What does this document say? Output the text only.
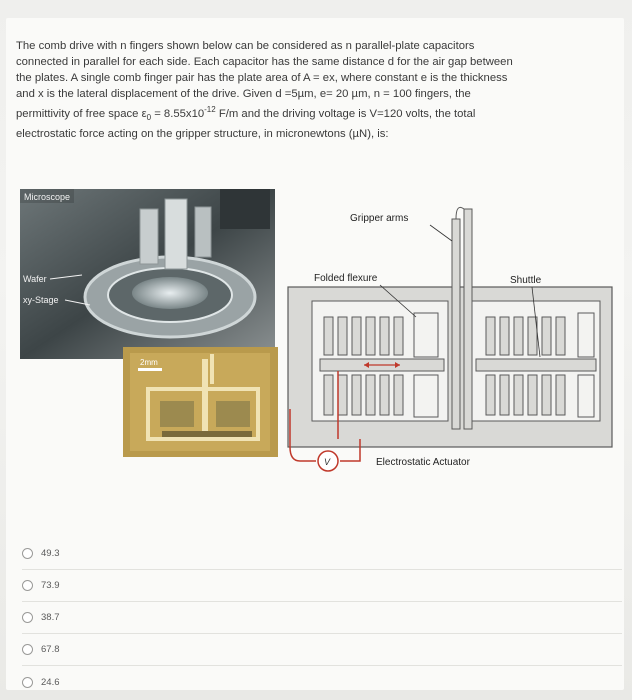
The comb drive with n fingers shown below can be considered as n parallel-plate capacitors
connected in parallel for each side. Each capacitor has the same distance d for the air gap between
the plates. A single comb finger pair has the plate area of A = ex, where constant e is the thickness
and x is the lateral displacement of the drive. Given d =5µm, e= 20 µm, n = 100 fingers, the
permittivity of free space $\varepsilon_0 = 8.55x10^{-12}$ F/m and the driving voltage is V=120 volts, the total
electrostatic force acting on the gripper structure, in micronewtons (µN), is:
Microscope
Wafer
xy-Stage
2mm
V
Gripper arms
Folded flexure	Shuttle
Electrostatic Actuator
49.3
73.9
38.7
67.8
24.6
